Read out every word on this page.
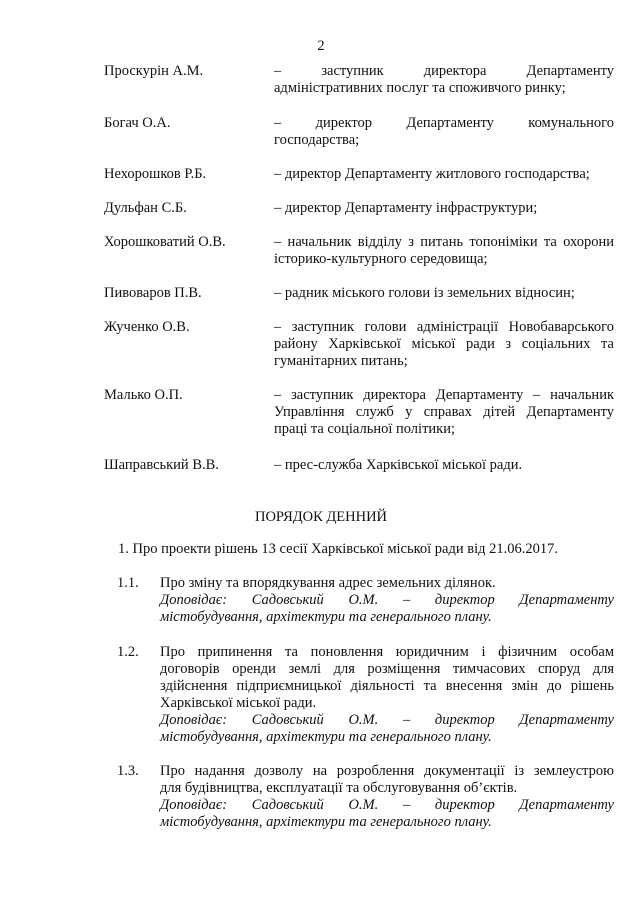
2
Проскурін А.М.	– заступник директора Департаменту
адміністративних послуг та споживчого ринку;
Богач О.А.	– директор Департаменту комунального
господарства;
Нехорошков Р.Б.	– директор Департаменту житлового господарства;
Дульфан С.Б.	– директор Департаменту інфраструктури;
Хорошковатий О.В.	– начальник відділу з питань топоніміки та охорони
історико-культурного середовища;
Пивоваров П.В.	– радник міського голови із земельних відносин;
Жученко О.В.	– заступник голови адміністрації Новобаварського
району Харківської міської ради з соціальних та
гуманітарних питань;
Малько О.П.	– заступник директора Департаменту – начальник
Управління служб у справах дітей Департаменту
праці та соціальної політики;
Шаправський В.В.	– прес-служба Харківської міської ради.
ПОРЯДОК ДЕННИЙ
1. Про проекти рішень 13 сесії Харківської міської ради від 21.06.2017.
1.1. Про зміну та впорядкування адрес земельних ділянок.
Доповідає: Садовський О.М. – директор Департаменту
містобудування, архітектури та генерального плану.
1.2. Про припинення та поновлення юридичним і фізичним особам
договорів оренди землі для розміщення тимчасових споруд для
здійснення підприємницької діяльності та внесення змін до рішень
Харківської міської ради.
Доповідає: Садовський О.М. – директор Департаменту
містобудування, архітектури та генерального плану.
1.3. Про надання дозволу на розроблення документації із землеустрою
для будівництва, експлуатації та обслуговування об’єктів.
Доповідає: Садовський О.М. – директор Департаменту
містобудування, архітектури та генерального плану.
